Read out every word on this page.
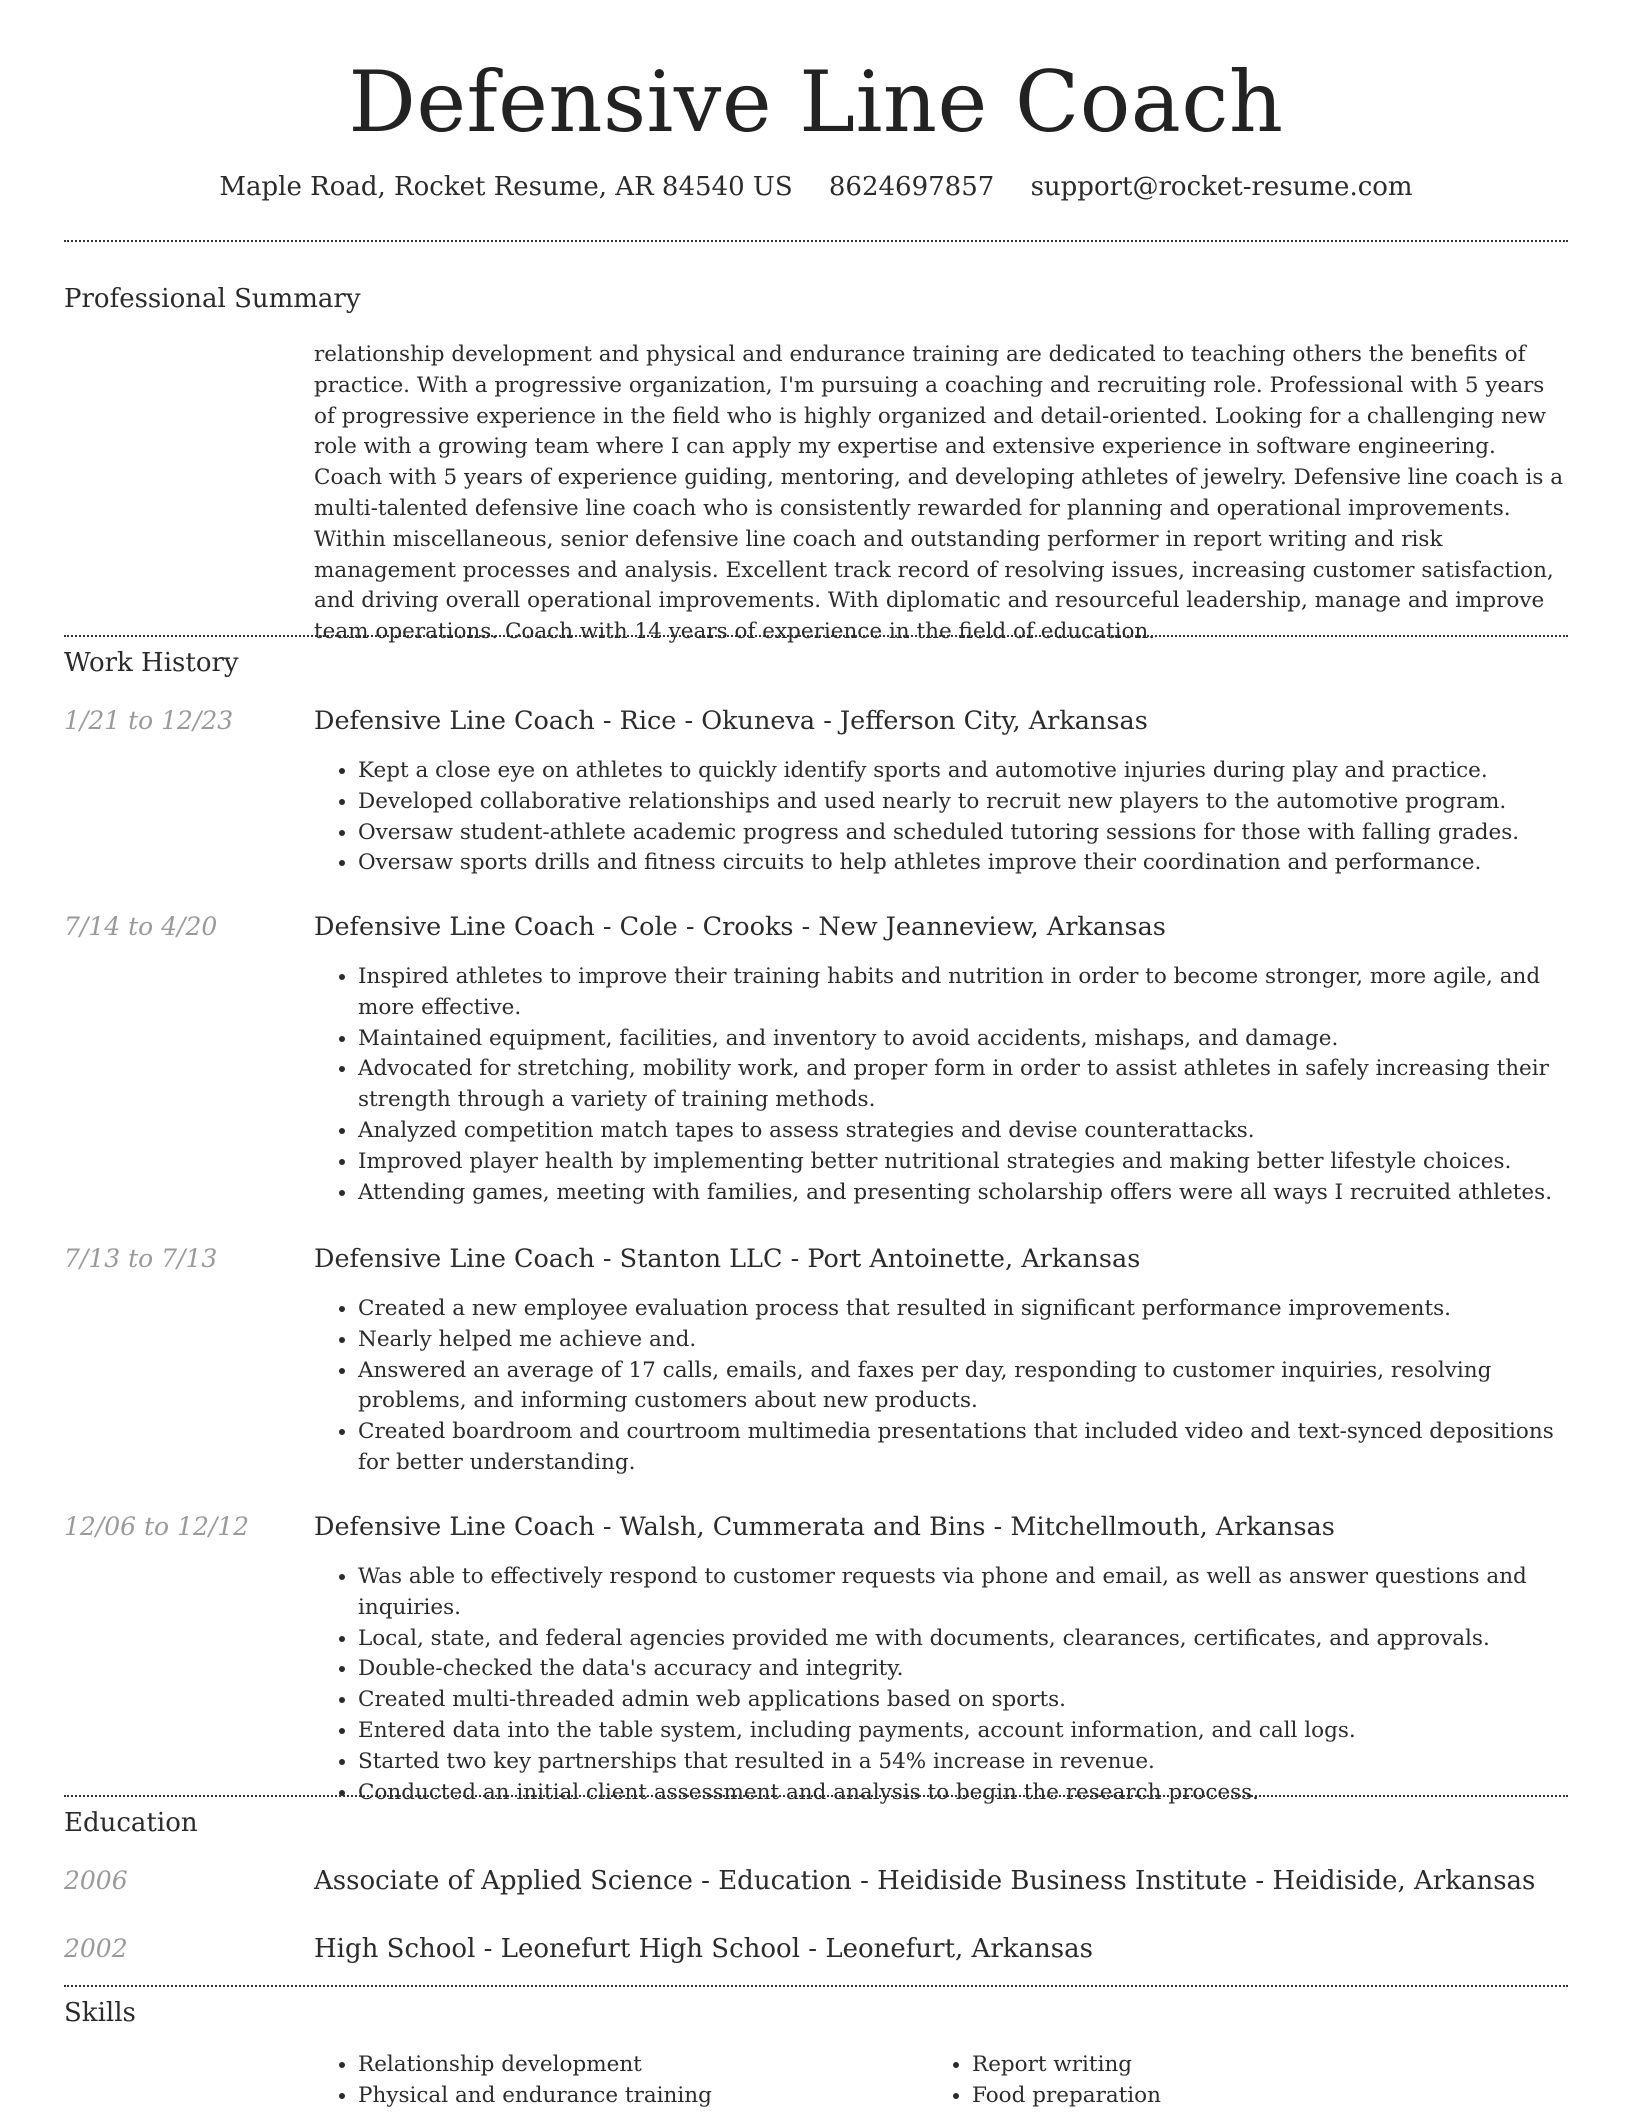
Defensive Line Coach
Maple Road, Rocket Resume, AR 84540 US 8624697857 support@rocket-resume.com
Professional Summary
relationship development and physical and endurance training are dedicated to teaching others the benefits of practice. With a progressive organization, I'm pursuing a coaching and recruiting role. Professional with 5 years of progressive experience in the field who is highly organized and detail-oriented. Looking for a challenging new role with a growing team where I can apply my expertise and extensive experience in software engineering. Coach with 5 years of experience guiding, mentoring, and developing athletes of jewelry. Defensive line coach is a multi-talented defensive line coach who is consistently rewarded for planning and operational improvements. Within miscellaneous, senior defensive line coach and outstanding performer in report writing and risk management processes and analysis. Excellent track record of resolving issues, increasing customer satisfaction, and driving overall operational improvements. With diplomatic and resourceful leadership, manage and improve team operations. Coach with 14 years of experience in the field of education.
Work History
1/21 to 12/23	Defensive Line Coach - Rice - Okuneva - Jefferson City, Arkansas
• Kept a close eye on athletes to quickly identify sports and automotive injuries during play and practice.
• Developed collaborative relationships and used nearly to recruit new players to the automotive program.
• Oversaw student-athlete academic progress and scheduled tutoring sessions for those with falling grades.
• Oversaw sports drills and fitness circuits to help athletes improve their coordination and performance.
7/14 to 4/20	Defensive Line Coach - Cole - Crooks - New Jeanneview, Arkansas
• Inspired athletes to improve their training habits and nutrition in order to become stronger, more agile, and more effective.
• Maintained equipment, facilities, and inventory to avoid accidents, mishaps, and damage.
• Advocated for stretching, mobility work, and proper form in order to assist athletes in safely increasing their strength through a variety of training methods.
• Analyzed competition match tapes to assess strategies and devise counterattacks.
• Improved player health by implementing better nutritional strategies and making better lifestyle choices.
• Attending games, meeting with families, and presenting scholarship offers were all ways I recruited athletes.
7/13 to 7/13	Defensive Line Coach - Stanton LLC - Port Antoinette, Arkansas
• Created a new employee evaluation process that resulted in significant performance improvements.
• Nearly helped me achieve and.
• Answered an average of 17 calls, emails, and faxes per day, responding to customer inquiries, resolving problems, and informing customers about new products.
• Created boardroom and courtroom multimedia presentations that included video and text-synced depositions for better understanding.
12/06 to 12/12	Defensive Line Coach - Walsh, Cummerata and Bins - Mitchellmouth, Arkansas
• Was able to effectively respond to customer requests via phone and email, as well as answer questions and inquiries.
• Local, state, and federal agencies provided me with documents, clearances, certificates, and approvals.
• Double-checked the data's accuracy and integrity.
• Created multi-threaded admin web applications based on sports.
• Entered data into the table system, including payments, account information, and call logs.
• Started two key partnerships that resulted in a 54% increase in revenue.
• Conducted an initial client assessment and analysis to begin the research process.
Education
2006	Associate of Applied Science - Education - Heidiside Business Institute - Heidiside, Arkansas
2002	High School - Leonefurt High School - Leonefurt, Arkansas
Skills
• Relationship development
• Physical and endurance training
• Report writing
• Food preparation
